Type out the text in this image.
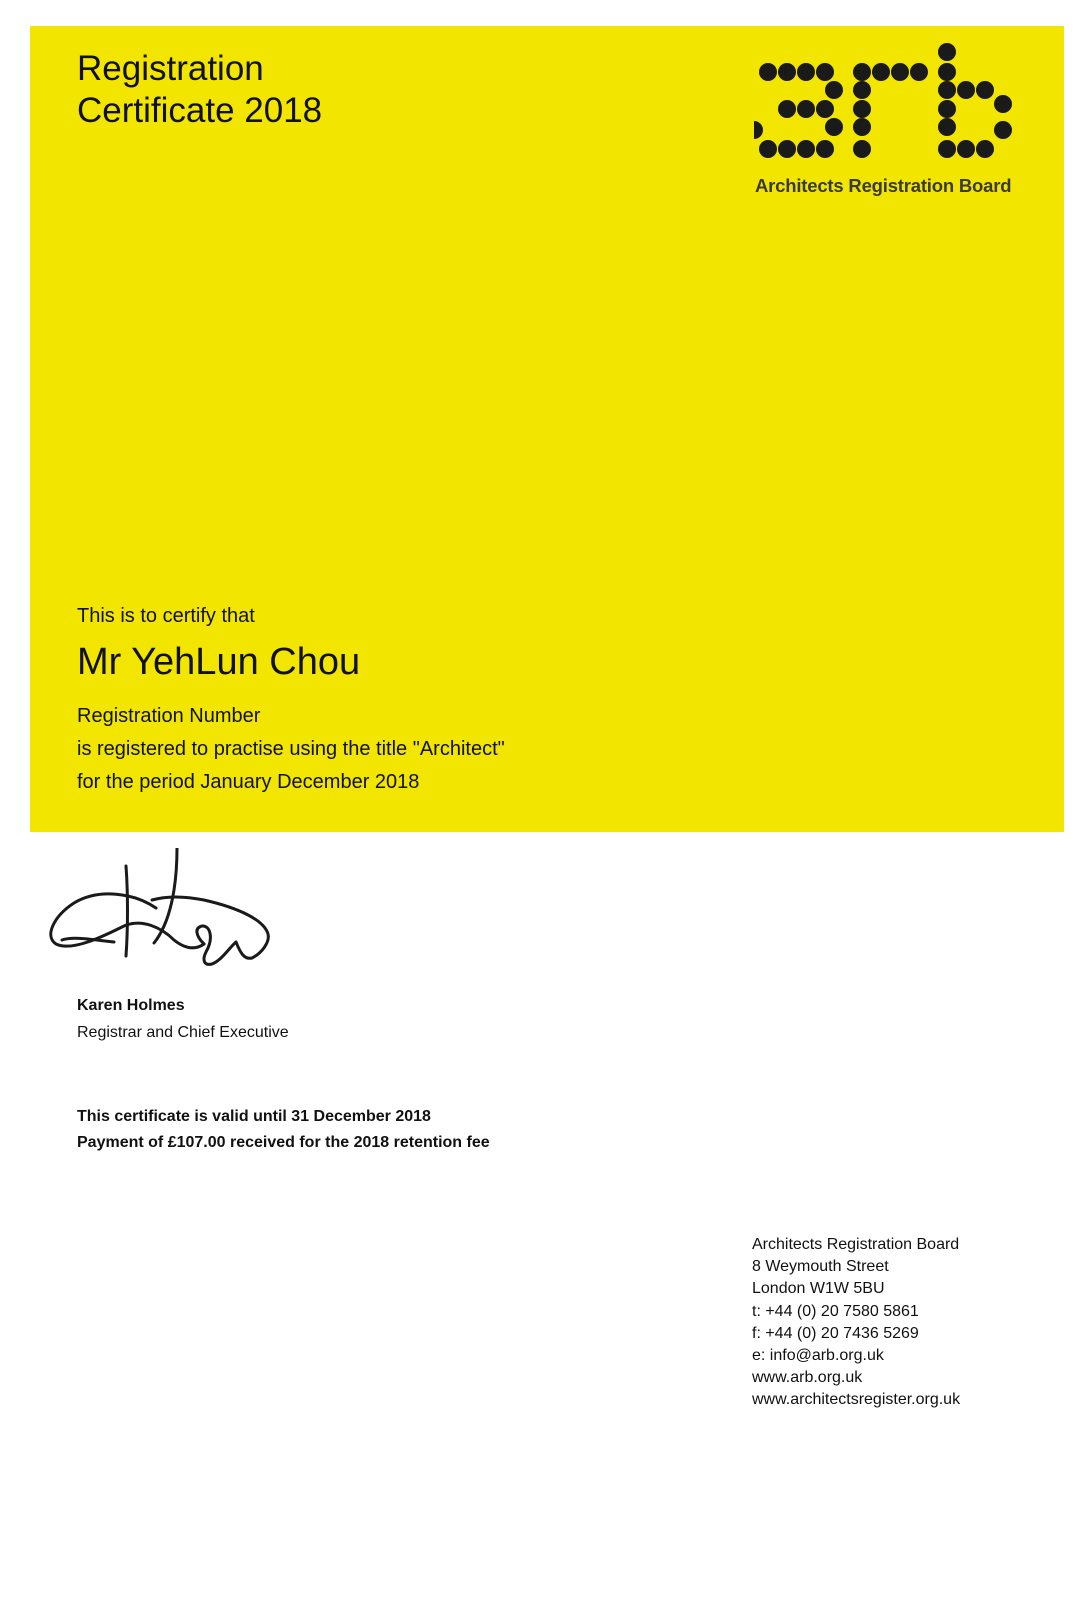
Registration
Certificate 2018
Architects Registration Board
This is to certify that
Mr YehLun Chou
Registration Number
is registered to practise using the title "Architect"
for the period January December 2018
Karen Holmes
Registrar and Chief Executive
This certificate is valid until 31 December 2018
Payment of £107.00 received for the 2018 retention fee
Architects Registration Board
8 Weymouth Street
London W1W 5BU
t: +44 (0) 20 7580 5861
f: +44 (0) 20 7436 5269
e: info@arb.org.uk
www.arb.org.uk
www.architectsregister.org.uk
